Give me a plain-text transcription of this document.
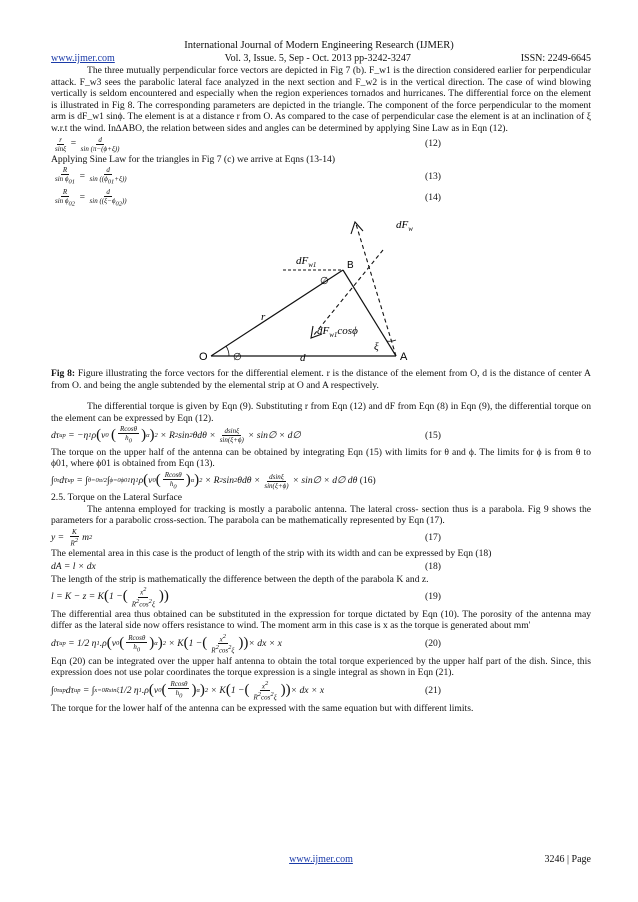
International Journal of Modern Engineering Research (IJMER)
www.ijmer.com	Vol. 3, Issue. 5, Sep - Oct. 2013 pp-3242-3247	ISSN: 2249-6645

The three mutually perpendicular force vectors are depicted in Fig 7 (b). F_w1 is the direction considered earlier for perpendicular attack. F_w3 sees the parabolic lateral face analyzed in the next section and F_w2 is in the vertical direction. The case of wind blowing vertically is seldom encountered and especially when the region experiences tornados and hurricanes. The differential force on the element is illustrated in Fig 8. The corresponding parameters are depicted in the triangle. The component of the force perpendicular to the moment arm is dF_w1 sinϕ. The element is at a distance r from O. As compared to the case of perpendicular case the element is at an inclination of ξ w.r.t the wind. In∆ABO, the relation between sides and angles can be determined by applying Sine Law as in Eqn (12).

$\frac{r}{\sin\xi} = \frac{d}{\sin (\pi-(\phi+\xi))}$	(12)

Applying Sine Law for the triangles in Fig 7 (c) we arrive at Eqns (13-14)

$\frac{R}{\sin \phi_{01}} = \frac{d}{\sin ((\phi_{01}+\xi))}$	(13)
$\frac{R}{\sin \phi_{02}} = \frac{d}{\sin ((\xi-\phi_{02}))}$	(14)
$dF_w$
$dF_{w1}$	B
∅
r
$dF_{w1}\cos\phi$
O	∅	d
ξ
A

Fig 8: Figure illustrating the force vectors for the differential element. r is the distance of the element from O, d is the distance of center A from O. and being the angle subtended by the elemental strip at O and A respectively.

The differential torque is given by Eqn (9). Substituting r from Eqn (12) and dF from Eqn (8) in Eqn (9), the differential torque on the element can be expressed by Eqn (12).

dτ up = −η 1 ρ ( v 0
( $\frac{Rcos\theta}{h_0}$ ) α ) 2 × R 2 sin 2 $\theta d\theta \times \frac{dsin\xi}{\sin(\xi+\phi)}$ × sin∅ × d∅	(15)

The torque on the upper half of the antenna can be obtained by integrating Eqn (15) with limits for θ and ϕ. The limits for ϕ is from θ to ϕ01, where ϕ01 is obtained from Eqn (13).

∫ 0 τ dτ up = ∫ θ=0 π/2 ∫ ϕ=0 ϕ01 η 1 ρ ( v 0 ( $\frac{Rcos\theta}{h_0}$ ) α ) 2 × R 2 sin 2 $\theta d\theta \times \frac{dsin\xi}{\sin(\xi+\phi)}$ × sin∅ × d∅ dθ (16)

2.5. Torque on the Lateral Surface

The antenna employed for tracking is mostly a parabolic antenna. The lateral cross- section thus is a parabola. Fig 9 shows the parameters for a parabolic cross-section. The parabola can be mathematically represented by Eqn (17).

$y = \frac{K}{R^2}$ m 2	(17)

The elemental area in this case is the product of length of the strip with its width and can be expressed by Eqn (18)

dA = l × dx	(18)

The length of the strip is mathematically the difference between the depth of the parabola K and z.

l = K − z = K ( 1 − ( $\frac{x^2}{R^2\cos^2\xi}$ ) )	(19)

The differential area thus obtained can be substituted in the expression for torque dictated by Eqn (10). The porosity of the antenna may differ as the lateral side now offers resistance to wind. The moment arm in this case is x as the torque is generated about mm'

dτ up = 1/2 η 1 .ρ ( v 0 ( $\frac{Rcos\theta}{h_0}$ ) α ) 2 × K ( 1 − ( $\frac{x^2}{R^2\cos^2\xi}$ ) ) × dx × x	(20)

Eqn (20) can be integrated over the upper half antenna to obtain the total torque experienced by the upper half part of the dish. Since, this expression does not use polar coordinates the torque expression is a single integral as shown in Eqn (21).

∫ 0 τup dτ up = ∫ x=0 Rsinξ 1/2 η 1 .ρ ( v 0 ( $\frac{Rcos\theta}{h_0}$ ) α ) 2 × K ( 1 − ( $\frac{x^2}{R^2\cos^2\xi}$ ) ) × dx × x	(21)

The torque for the lower half of the antenna can be expressed with the same equation but with different limits.

www.ijmer.com	3246 | Page
